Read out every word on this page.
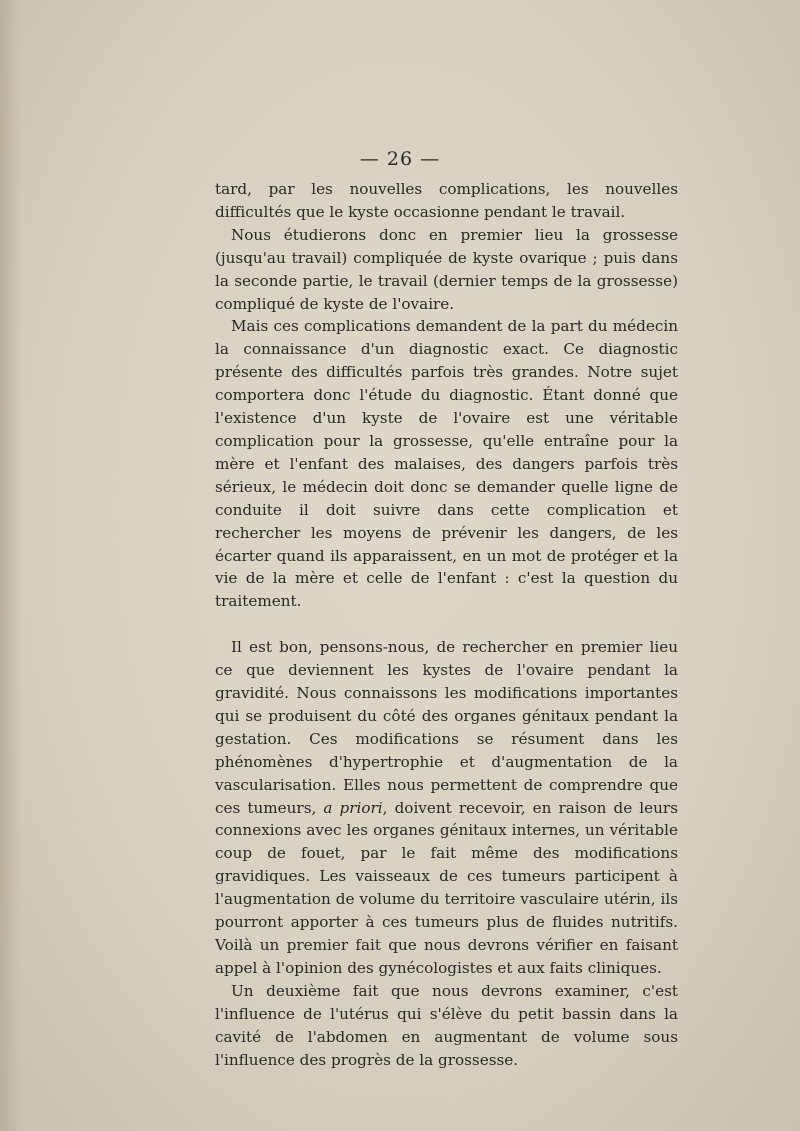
— 26 —

tard, par les nouvelles complications, les nouvelles difficultés que le kyste occasionne pendant le travail.

Nous étudierons donc en premier lieu la grossesse (jusqu'au travail) compliquée de kyste ovarique ; puis dans la seconde partie, le travail (dernier temps de la grossesse) compliqué de kyste de l'ovaire.

Mais ces complications demandent de la part du médecin la connaissance d'un diagnostic exact. Ce diagnostic présente des difficultés parfois très grandes. Notre sujet comportera donc l'étude du diagnostic. Étant donné que l'existence d'un kyste de l'ovaire est une véritable complication pour la grossesse, qu'elle entraîne pour la mère et l'enfant des malaises, des dangers parfois très sérieux, le médecin doit donc se demander quelle ligne de conduite il doit suivre dans cette complication et rechercher les moyens de prévenir les dangers, de les écarter quand ils apparaissent, en un mot de protéger et la vie de la mère et celle de l'enfant : c'est la question du traitement.

Il est bon, pensons-nous, de rechercher en premier lieu ce que deviennent les kystes de l'ovaire pendant la gravidité. Nous connaissons les modifications importantes qui se produisent du côté des organes génitaux pendant la gestation. Ces modifications se résument dans les phénomènes d'hypertrophie et d'augmentation de la vascularisation. Elles nous permettent de comprendre que ces tumeurs, a priori, doivent recevoir, en raison de leurs connexions avec les organes génitaux internes, un véritable coup de fouet, par le fait même des modifications gravidiques. Les vaisseaux de ces tumeurs participent à l'augmentation de volume du territoire vasculaire utérin, ils pourront apporter à ces tumeurs plus de fluides nutritifs. Voilà un premier fait que nous devrons vérifier en faisant appel à l'opinion des gynécologistes et aux faits cliniques.

Un deuxième fait que nous devrons examiner, c'est l'influence de l'utérus qui s'élève du petit bassin dans la cavité de l'abdomen en augmentant de volume sous l'influence des progrès de la grossesse.
